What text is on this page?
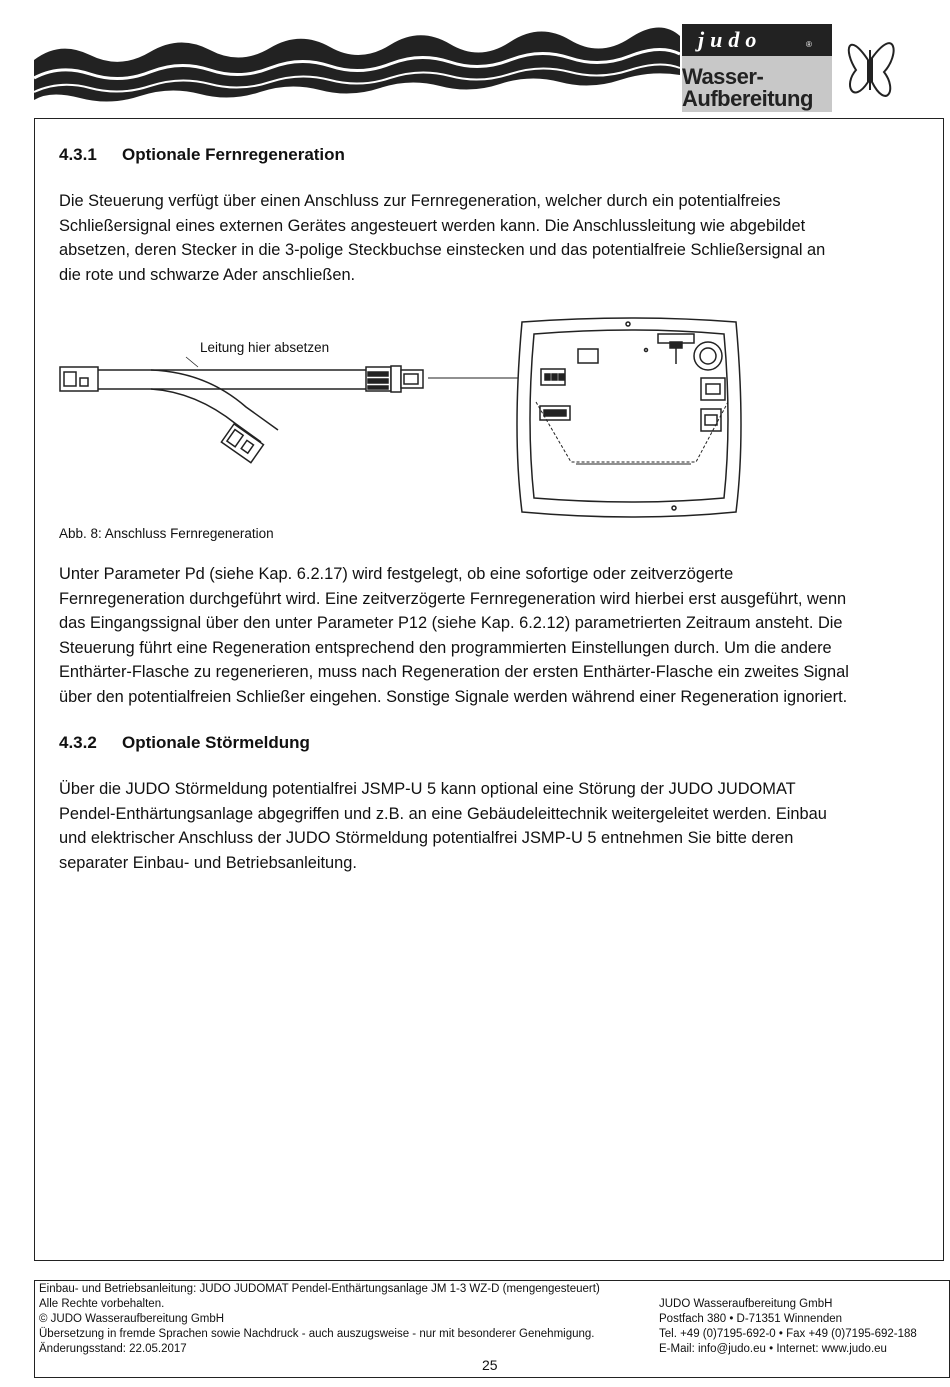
judo	®
Wasser-
Aufbereitung
4.3.1 Optionale Fernregeneration
Die Steuerung verfügt über einen Anschluss zur Fernregeneration, welcher durch ein potentialfreies
Schließersignal eines externen Gerätes angesteuert werden kann. Die Anschlussleitung wie abgebildet
absetzen, deren Stecker in die 3-polige Steckbuchse einstecken und das potentialfreie Schließersignal an
die rote und schwarze Ader anschließen.
Leitung hier absetzen
Abb. 8: Anschluss Fernregeneration
Unter Parameter Pd (siehe Kap. 6.2.17) wird festgelegt, ob eine sofortige oder zeitverzögerte
Fernregeneration durchgeführt wird. Eine zeitverzögerte Fernregeneration wird hierbei erst ausgeführt, wenn
das Eingangssignal über den unter Parameter P12 (siehe Kap. 6.2.12) parametrierten Zeitraum ansteht. Die
Steuerung führt eine Regeneration entsprechend den programmierten Einstellungen durch. Um die andere
Enthärter-Flasche zu regenerieren, muss nach Regeneration der ersten Enthärter-Flasche ein zweites Signal
über den potentialfreien Schließer eingehen. Sonstige Signale werden während einer Regeneration ignoriert.
4.3.2 Optionale Störmeldung
Über die JUDO Störmeldung potentialfrei JSMP-U 5 kann optional eine Störung der JUDO JUDOMAT
Pendel-Enthärtungsanlage abgegriffen und z.B. an eine Gebäudeleittechnik weitergeleitet werden. Einbau
und elektrischer Anschluss der JUDO Störmeldung potentialfrei JSMP-U 5 entnehmen Sie bitte deren
separater Einbau- und Betriebsanleitung.
Einbau- und Betriebsanleitung: JUDO JUDOMAT Pendel-Enthärtungsanlage JM 1-3 WZ-D (mengengesteuert)
Alle Rechte vorbehalten.
© JUDO Wasseraufbereitung GmbH
Übersetzung in fremde Sprachen sowie Nachdruck - auch auszugsweise - nur mit besonderer Genehmigung.
Änderungsstand: 22.05.2017
JUDO Wasseraufbereitung GmbH
Postfach 380 • D-71351 Winnenden
Tel. +49 (0)7195-692-0 • Fax +49 (0)7195-692-188
E-Mail: info@judo.eu • Internet: www.judo.eu
25
